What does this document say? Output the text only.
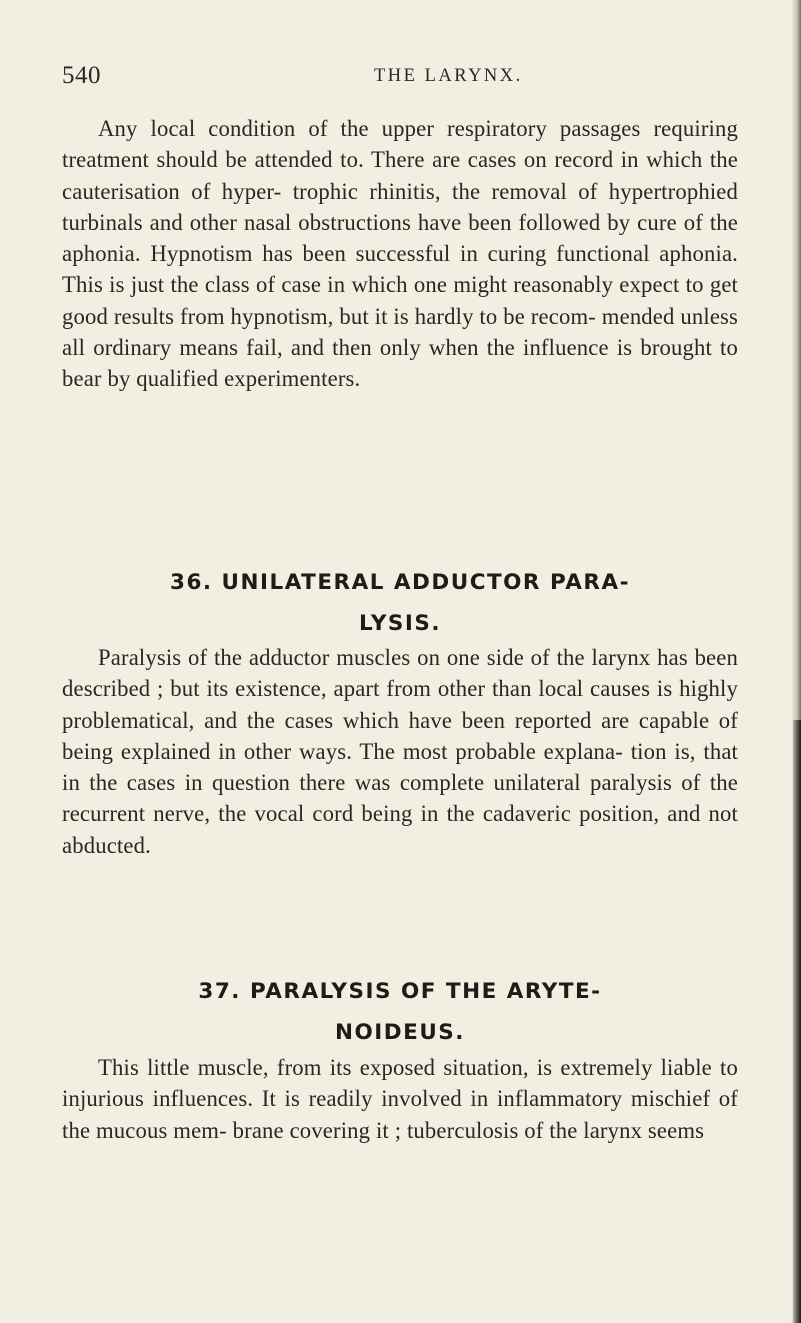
540	THE LARYNX.

Any local condition of the upper respiratory passages requiring treatment should be attended to. There are cases on record in which the cauterisation of hyper- trophic rhinitis, the removal of hypertrophied turbinals and other nasal obstructions have been followed by cure of the aphonia. Hypnotism has been successful in curing functional aphonia. This is just the class of case in which one might reasonably expect to get good results from hypnotism, but it is hardly to be recom- mended unless all ordinary means fail, and then only when the influence is brought to bear by qualified experimenters.

36. UNILATERAL ADDUCTOR PARA-
LYSIS.

Paralysis of the adductor muscles on one side of the larynx has been described ; but its existence, apart from other than local causes is highly problematical, and the cases which have been reported are capable of being explained in other ways. The most probable explana- tion is, that in the cases in question there was complete unilateral paralysis of the recurrent nerve, the vocal cord being in the cadaveric position, and not abducted.

37. PARALYSIS OF THE ARYTE-
NOIDEUS.

This little muscle, from its exposed situation, is extremely liable to injurious influences. It is readily involved in inflammatory mischief of the mucous mem- brane covering it ; tuberculosis of the larynx seems
